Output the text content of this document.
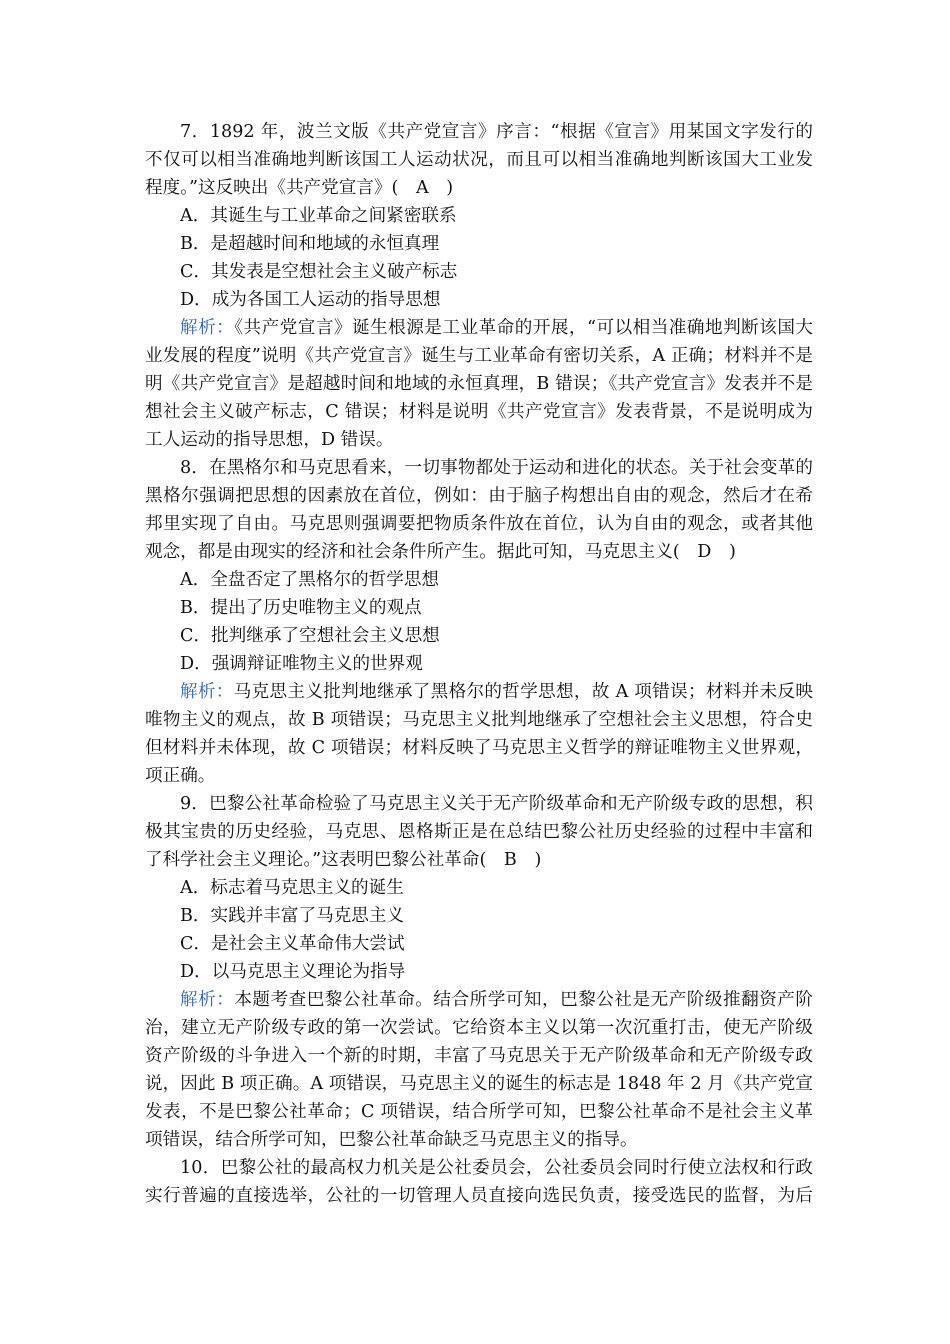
7．1892 年，波兰文版《共产党宣言》序言：“根据《宣言》用某国文字发行的
不仅可以相当准确地判断该国工人运动状况，而且可以相当准确地判断该国大工业发
程度。”这反映出《共产党宣言》(　A　)
A．其诞生与工业革命之间紧密联系
B．是超越时间和地域的永恒真理
C．其发表是空想社会主义破产标志
D．成为各国工人运动的指导思想
解析：《共产党宣言》诞生根源是工业革命的开展，“可以相当准确地判断该国大
业发展的程度”说明《共产党宣言》诞生与工业革命有密切关系，A 正确；材料并不是
明《共产党宣言》是超越时间和地域的永恒真理，B 错误；《共产党宣言》发表并不是
想社会主义破产标志，C 错误；材料是说明《共产党宣言》发表背景，不是说明成为
工人运动的指导思想，D 错误。
8．在黑格尔和马克思看来，一切事物都处于运动和进化的状态。关于社会变革的
黑格尔强调把思想的因素放在首位，例如：由于脑子构想出自由的观念，然后才在希
邦里实现了自由。马克思则强调要把物质条件放在首位，认为自由的观念，或者其他
观念，都是由现实的经济和社会条件所产生。据此可知，马克思主义(　D　)
A．全盘否定了黑格尔的哲学思想
B．提出了历史唯物主义的观点
C．批判继承了空想社会主义思想
D．强调辩证唯物主义的世界观
解析：马克思主义批判地继承了黑格尔的哲学思想，故 A 项错误；材料并未反映
唯物主义的观点，故 B 项错误；马克思主义批判地继承了空想社会主义思想，符合史
但材料并未体现，故 C 项错误；材料反映了马克思主义哲学的辩证唯物主义世界观，
项正确。
9．巴黎公社革命检验了马克思主义关于无产阶级革命和无产阶级专政的思想，积
极其宝贵的历史经验，马克思、恩格斯正是在总结巴黎公社历史经验的过程中丰富和
了科学社会主义理论。”这表明巴黎公社革命(　B　)
A．标志着马克思主义的诞生
B．实践并丰富了马克思主义
C．是社会主义革命伟大尝试
D．以马克思主义理论为指导
解析：本题考查巴黎公社革命。结合所学可知，巴黎公社是无产阶级推翻资产阶
治，建立无产阶级专政的第一次尝试。它给资本主义以第一次沉重打击，使无产阶级
资产阶级的斗争进入一个新的时期，丰富了马克思关于无产阶级革命和无产阶级专政
说，因此 B 项正确。A 项错误，马克思主义的诞生的标志是 1848 年 2 月《共产党宣
发表，不是巴黎公社革命；C 项错误，结合所学可知，巴黎公社革命不是社会主义革
项错误，结合所学可知，巴黎公社革命缺乏马克思主义的指导。
10．巴黎公社的最高权力机关是公社委员会，公社委员会同时行使立法权和行政
实行普遍的直接选举，公社的一切管理人员直接向选民负责，接受选民的监督，为后
